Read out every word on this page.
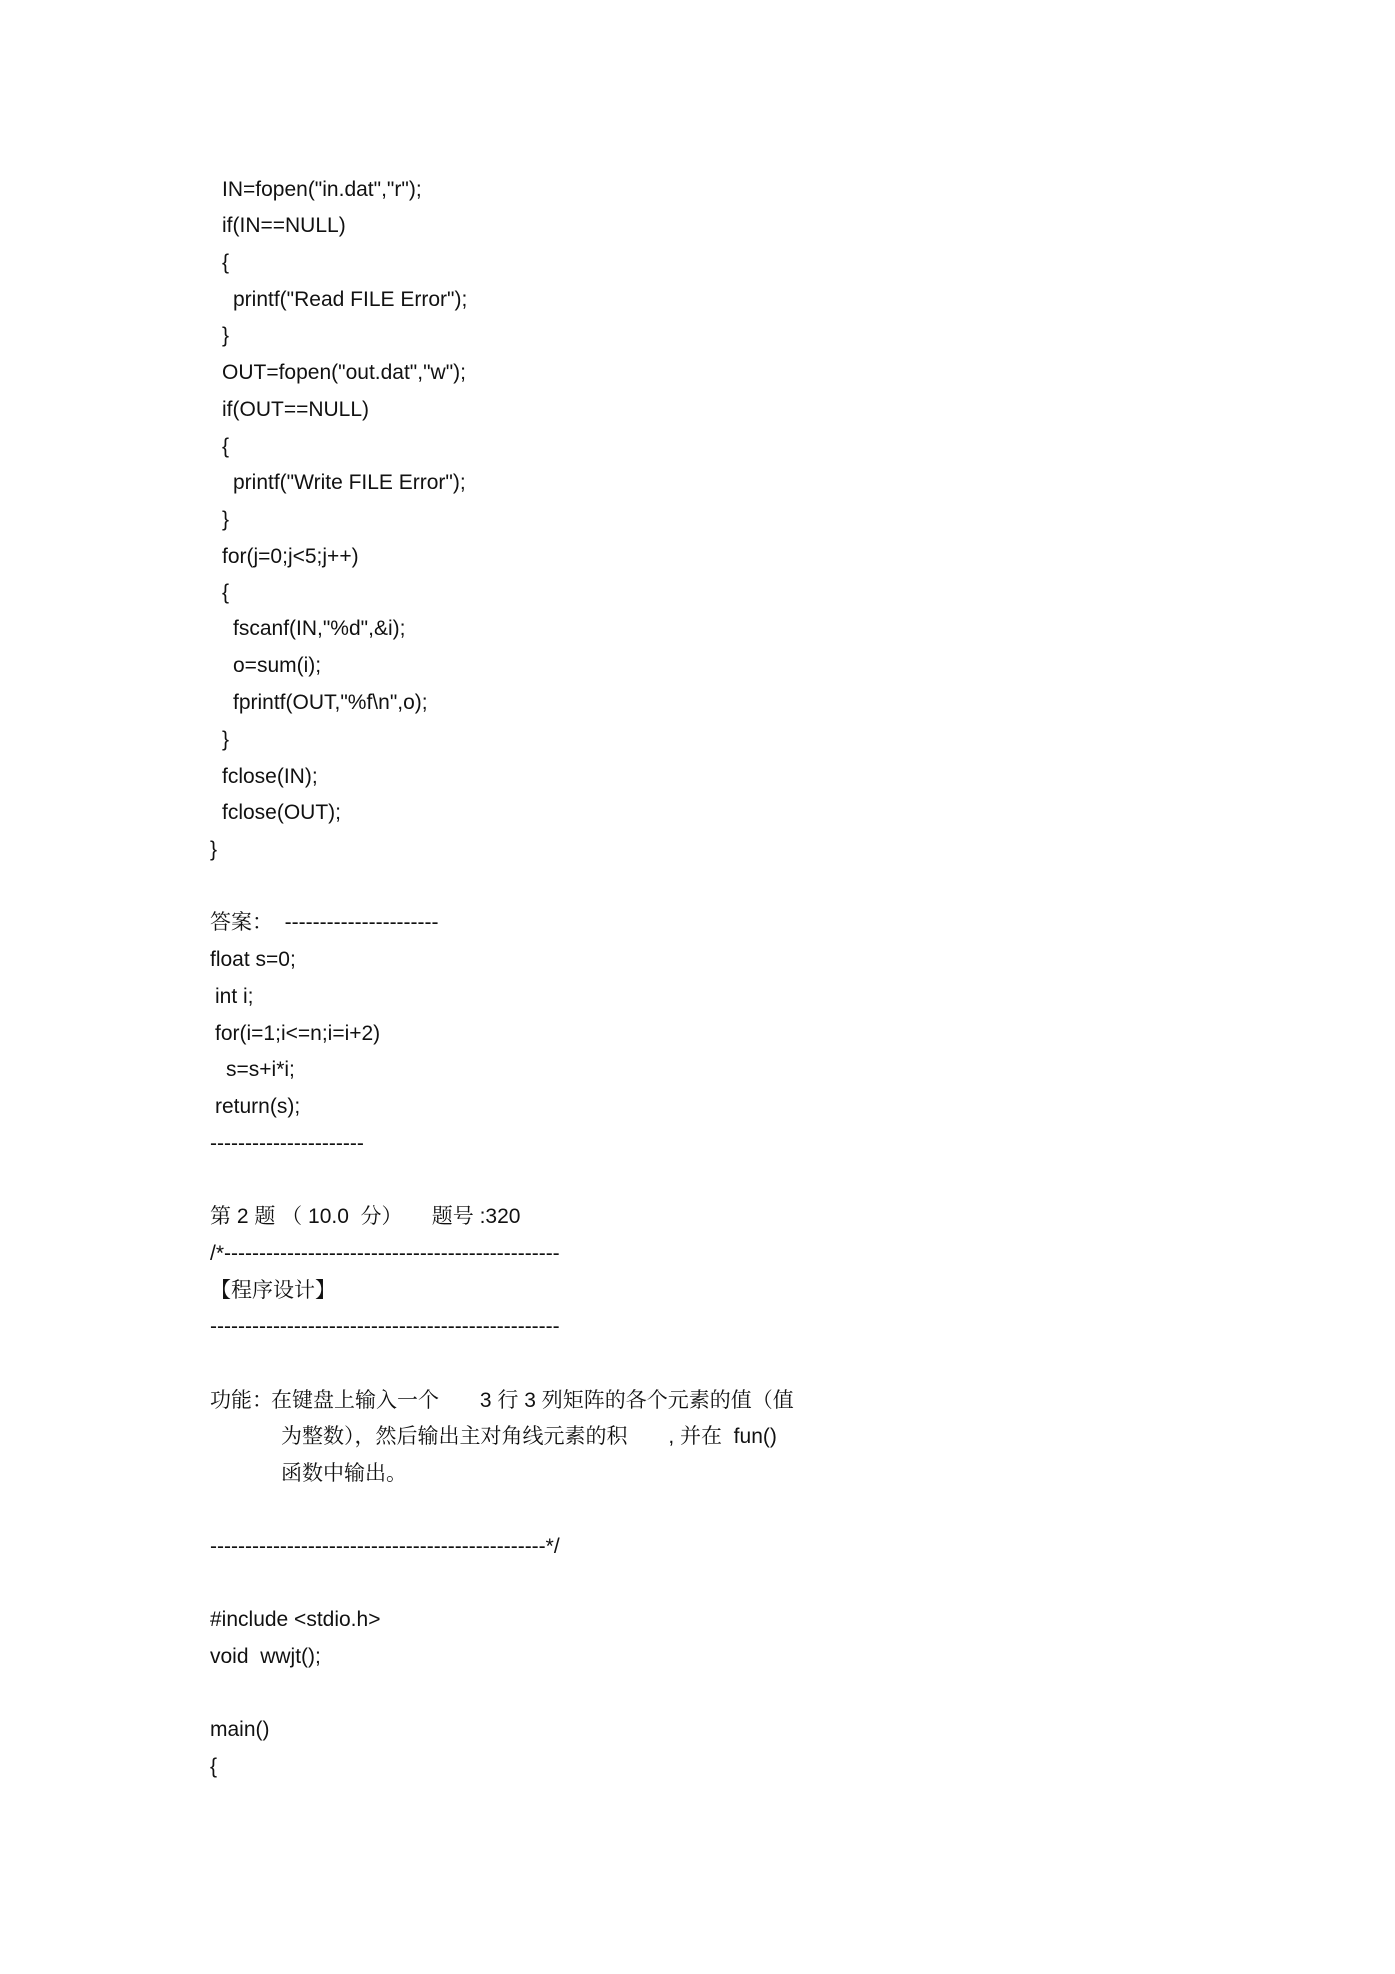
IN=fopen("in.dat","r");
if(IN==NULL)
{
printf("Read FILE Error");
}
OUT=fopen("out.dat","w");
if(OUT==NULL)
{
printf("Write FILE Error");
}
for(j=0;j<5;j++)
{
fscanf(IN,"%d",&i);
o=sum(i);
fprintf(OUT,"%f\n",o);
}
fclose(IN);
fclose(OUT);
}
答案：  ----------------------
float s=0;
int i;
for(i=1;i<=n;i=i+2)
s=s+i*i;
return(s);
----------------------
第 2 题 （ 10.0  分）     题号 :320
/*------------------------------------------------
【程序设计】
--------------------------------------------------
功能：
在键盘上输入一个       3 行 3 列矩阵的各个元素的值（值
为整数），然后输出主对角线元素的积       , 并在  fun()
函数中输出。
------------------------------------------------*/
#include <stdio.h>
void  wwjt();
main()
{
